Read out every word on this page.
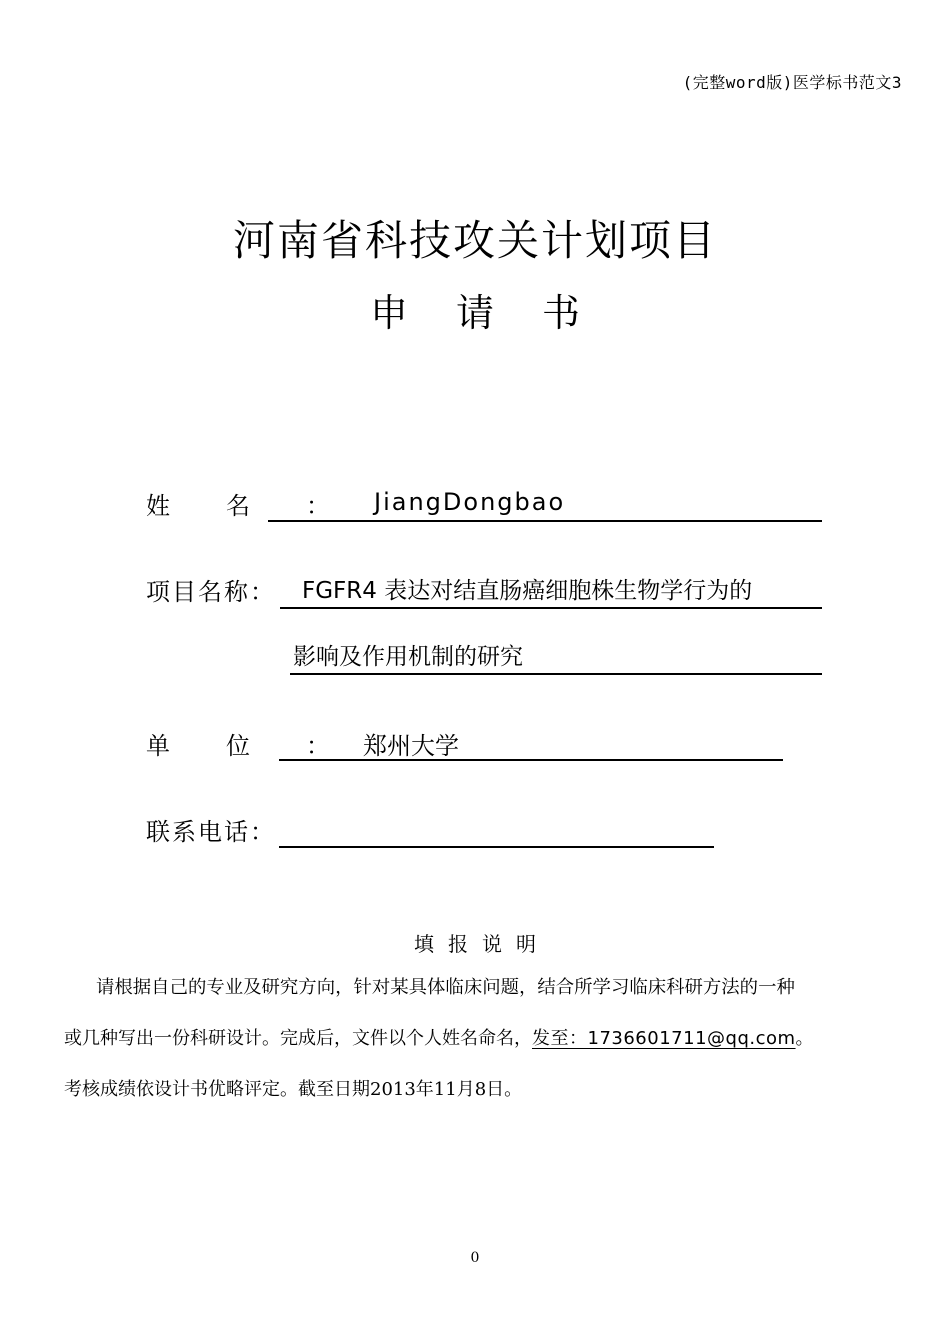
(完整word版)医学标书范文3
河南省科技攻关计划项目
申请书
姓名： JiangDongbao
项目名称： FGFR4 表达对结直肠癌细胞株生物学行为的
影响及作用机制的研究
单位： 郑州大学
联系电话：
填报说明
请根据自己的专业及研究方向，针对某具体临床问题，结合所学习临床科研方法的一种
或几种写出一份科研设计。完成后，文件以个人姓名命名，发至：1736601711@qq.com。
考核成绩依设计书优略评定。截至日期2013年11月8日。
0
